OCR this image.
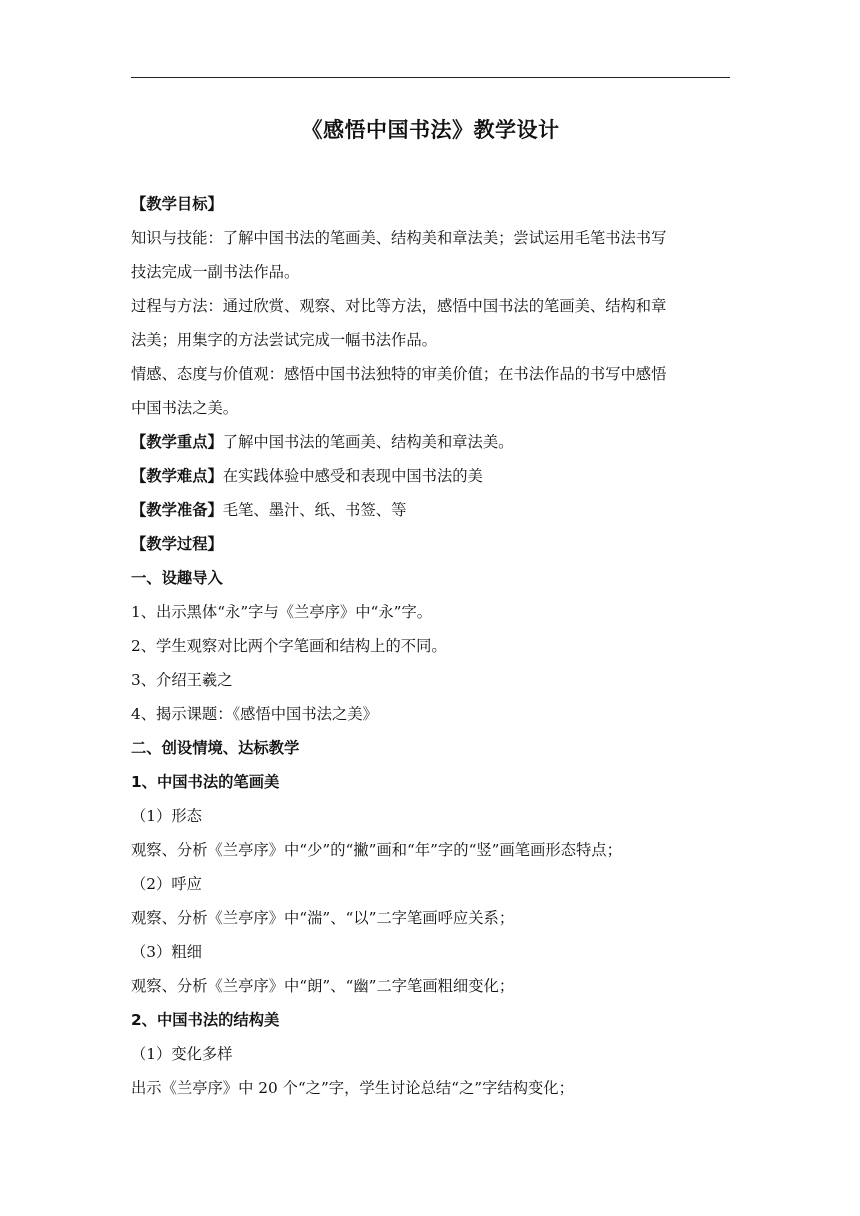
《感悟中国书法》教学设计
【教学目标】
知识与技能：了解中国书法的笔画美、结构美和章法美；尝试运用毛笔书法书写
技法完成一副书法作品。
过程与方法：通过欣赏、观察、对比等方法，感悟中国书法的笔画美、结构和章
法美；用集字的方法尝试完成一幅书法作品。
情感、态度与价值观：感悟中国书法独特的审美价值；在书法作品的书写中感悟
中国书法之美。
【教学重点】了解中国书法的笔画美、结构美和章法美。
【教学难点】在实践体验中感受和表现中国书法的美
【教学准备】毛笔、墨汁、纸、书签、等
【教学过程】
一、设趣导入
1、出示黑体“永”字与《兰亭序》中“永”字。
2、学生观察对比两个字笔画和结构上的不同。
3、介绍王羲之
4、揭示课题：《感悟中国书法之美》
二、创设情境、达标教学
1、中国书法的笔画美
（1）形态
观察、分析《兰亭序》中“少”的“撇”画和“年”字的“竖”画笔画形态特点；
（2）呼应
观察、分析《兰亭序》中“湍”、“以”二字笔画呼应关系；
（3）粗细
观察、分析《兰亭序》中“朗”、“幽”二字笔画粗细变化；
2、中国书法的结构美
（1）变化多样
出示《兰亭序》中 20 个“之”字，学生讨论总结“之”字结构变化；
